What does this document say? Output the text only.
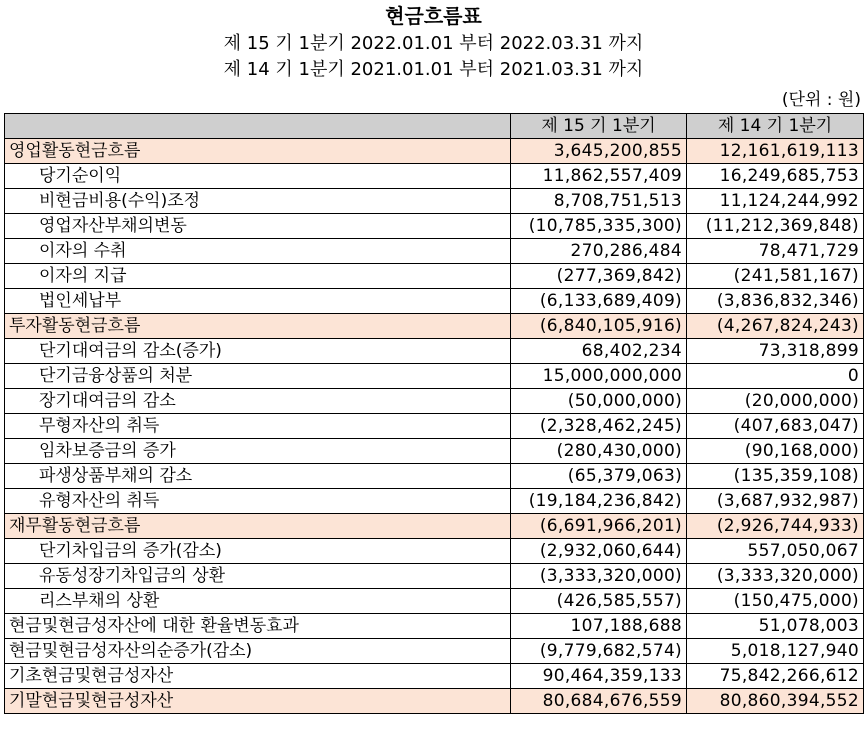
현금흐름표
제 15 기 1분기 2022.01.01 부터 2022.03.31 까지
제 14 기 1분기 2021.01.01 부터 2021.03.31 까지
(단위 : 원)
	제 15 기 1분기	제 14 기 1분기
영업활동현금흐름	3,645,200,855	12,161,619,113
당기순이익	11,862,557,409	16,249,685,753
비현금비용(수익)조정	8,708,751,513	11,124,244,992
영업자산부채의변동	(10,785,335,300)	(11,212,369,848)
이자의 수취	270,286,484	78,471,729
이자의 지급	(277,369,842)	(241,581,167)
법인세납부	(6,133,689,409)	(3,836,832,346)
투자활동현금흐름	(6,840,105,916)	(4,267,824,243)
단기대여금의 감소(증가)	68,402,234	73,318,899
단기금융상품의 처분	15,000,000,000	0
장기대여금의 감소	(50,000,000)	(20,000,000)
무형자산의 취득	(2,328,462,245)	(407,683,047)
임차보증금의 증가	(280,430,000)	(90,168,000)
파생상품부채의 감소	(65,379,063)	(135,359,108)
유형자산의 취득	(19,184,236,842)	(3,687,932,987)
재무활동현금흐름	(6,691,966,201)	(2,926,744,933)
단기차입금의 증가(감소)	(2,932,060,644)	557,050,067
유동성장기차입금의 상환	(3,333,320,000)	(3,333,320,000)
리스부채의 상환	(426,585,557)	(150,475,000)
현금및현금성자산에 대한 환율변동효과	107,188,688	51,078,003
현금및현금성자산의순증가(감소)	(9,779,682,574)	5,018,127,940
기초현금및현금성자산	90,464,359,133	75,842,266,612
기말현금및현금성자산	80,684,676,559	80,860,394,552
